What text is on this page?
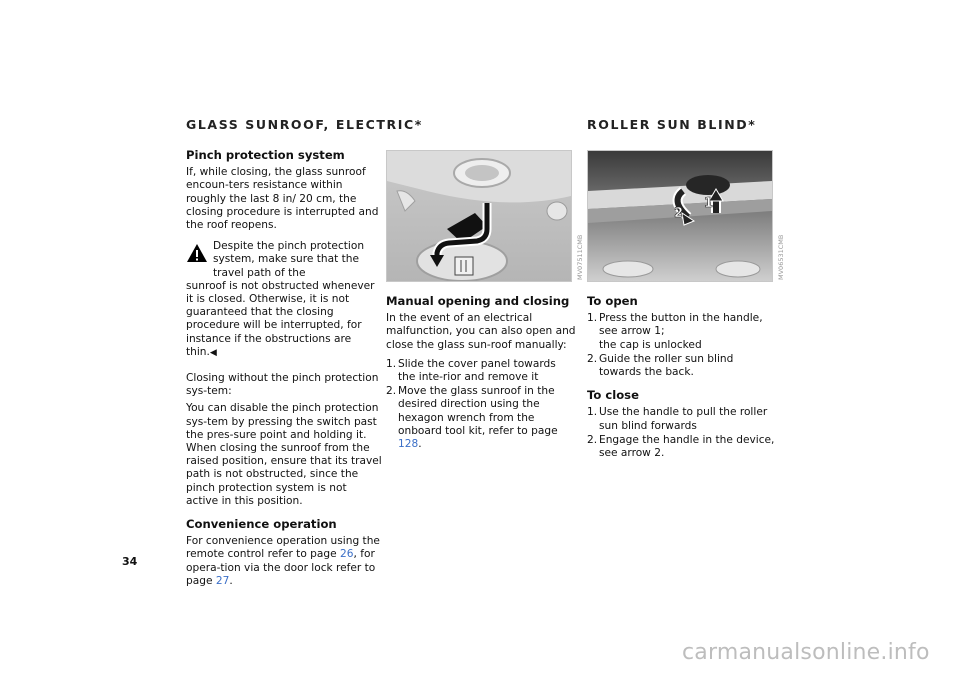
GLASS SUNROOF, ELECTRIC*	ROLLER SUN BLIND*
Pinch protection system

If, while closing, the glass sunroof encoun-ters resistance within roughly the last 8 in/ 20 cm, the closing procedure is interrupted and the roof reopens.

Despite the pinch protection system, make sure that the travel path of the

sunroof is not obstructed whenever it is closed. Otherwise, it is not guaranteed that the closing procedure will be interrupted, for instance if the obstructions are thin.◀

Closing without the pinch protection sys-tem:

You can disable the pinch protection sys-tem by pressing the switch past the pres-sure point and holding it. When closing the sunroof from the raised position, ensure that its travel path is not obstructed, since the pinch protection system is not active in this position.

Convenience operation

For convenience operation using the remote control refer to page 26, for opera-tion via the door lock refer to page 27.

MV07511CMB
Manual opening and closing

In the event of an electrical malfunction, you can also open and close the glass sun-roof manually:

1. Slide the cover panel towards the inte-rior and remove it
2. Move the glass sunroof in the desired direction using the hexagon wrench from the onboard tool kit, refer to page 128.
1
2
MV06531CMB
To open
1. Press the button in the handle, see arrow 1;
the cap is unlocked
2. Guide the roller sun blind towards the back.
To close
1. Use the handle to pull the roller sun blind forwards
2. Engage the handle in the device, see arrow 2.
34
carmanualsonline.info
